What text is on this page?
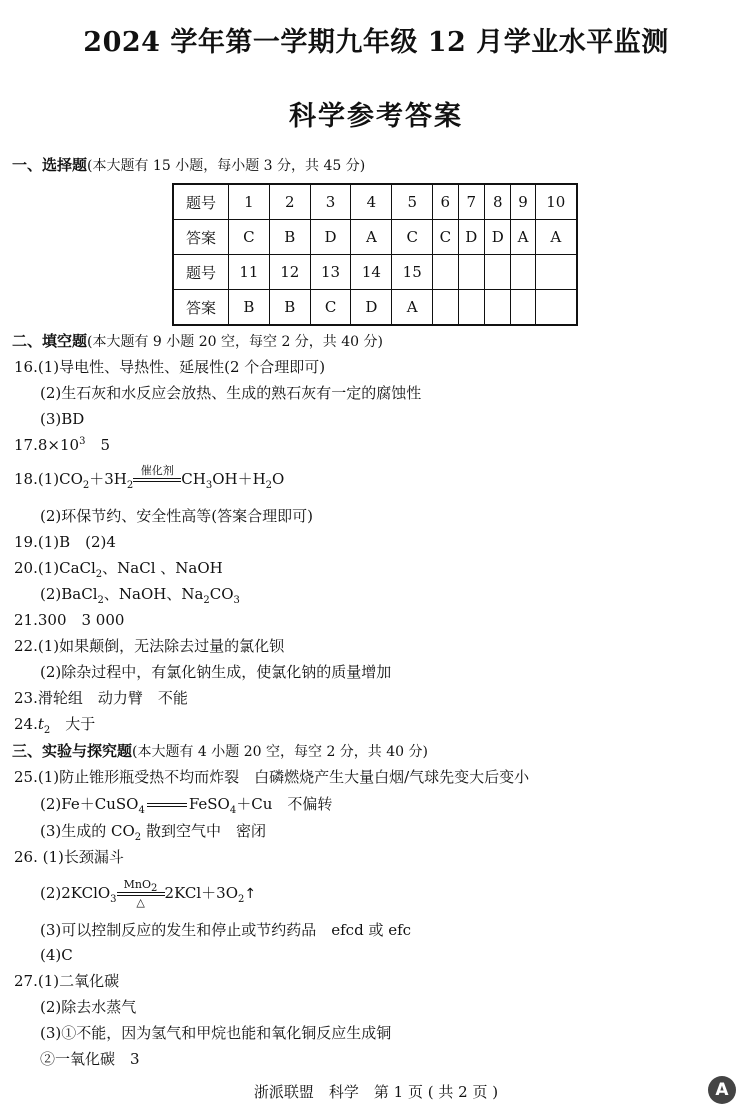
2024 学年第一学期九年级 12 月学业水平监测
科学参考答案
一、选择题(本大题有 15 小题，每小题 3 分，共 45 分)
题号	1	2	3	4	5	6	7	8	9	10
答案	C	B	D	A	C	C	D	D	A	A
题号	11	12	13	14	15					
答案	B	B	C	D	A					
二、填空题(本大题有 9 小题 20 空，每空 2 分，共 40 分)
16.(1)导电性、导热性、延展性(2 个合理即可)
(2)生石灰和水反应会放热、生成的熟石灰有一定的腐蚀性
(3)BD
$17.8\times 10^3$　5
$18.(1)CO_2+3H_2$
催化剂
$CH_3OH+H_2O$
(2)环保节约、安全性高等(答案合理即可)
19.(1)B　(2)4
20.(1)CaCl$_2$、NaCl 、NaOH
(2)BaCl$_2$、NaOH、$Na_2CO_3$
21.300　3 000
22.(1)如果颠倒，无法除去过量的氯化钡
(2)除杂过程中，有氯化钠生成，使氯化钠的质量增加
23.滑轮组　动力臂　不能
$24.t_2$　大于
三、实验与探究题(本大题有 4 小题 20 空，每空 2 分，共 40 分)
25.(1)防止锥形瓶受热不均而炸裂　白磷燃烧产生大量白烟/气球先变大后变小
(2)Fe＋CuSO$_4$	FeSO$_4$＋Cu　不偏转
(3)生成的 $CO_2$ 散到空气中　密闭
26. (1)长颈漏斗
(2)2KClO$_3$
MnO$_2$
△
$2KCl+3O_2↑$
(3)可以控制反应的发生和停止或节约药品　efcd 或 efc
(4)C
27.(1)二氧化碳
(2)除去水蒸气
(3)①不能，因为氢气和甲烷也能和氧化铜反应生成铜
②一氧化碳　3
浙派联盟　科学　第 1 页 ( 共 2 页 )	A
